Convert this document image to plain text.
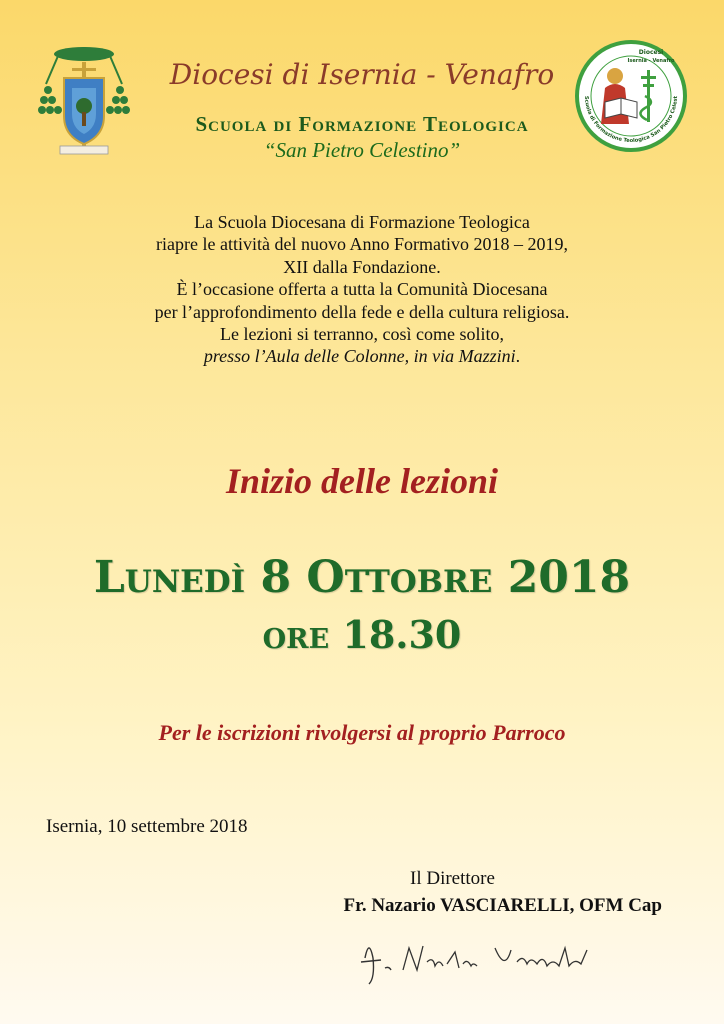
Diocesi
Isernia - Venafro
Scuola di Formazione Teologica San Pietro Celest
Diocesi di Isernia - Venafro
Scuola di Formazione Teologica
“San Pietro Celestino”
La Scuola Diocesana di Formazione Teologica
riapre le attività del nuovo Anno Formativo 2018 – 2019,
XII dalla Fondazione.
È l’occasione offerta a tutta la Comunità Diocesana
per l’approfondimento della fede e della cultura religiosa.
Le lezioni si terranno, così come solito,
presso l’Aula delle Colonne, in via Mazzini.
Inizio delle lezioni
Lunedì 8 Ottobre 2018
ore 18.30
Per le iscrizioni rivolgersi al proprio Parroco
Isernia, 10 settembre 2018
Il Direttore
Fr. Nazario VASCIARELLI, OFM Cap
